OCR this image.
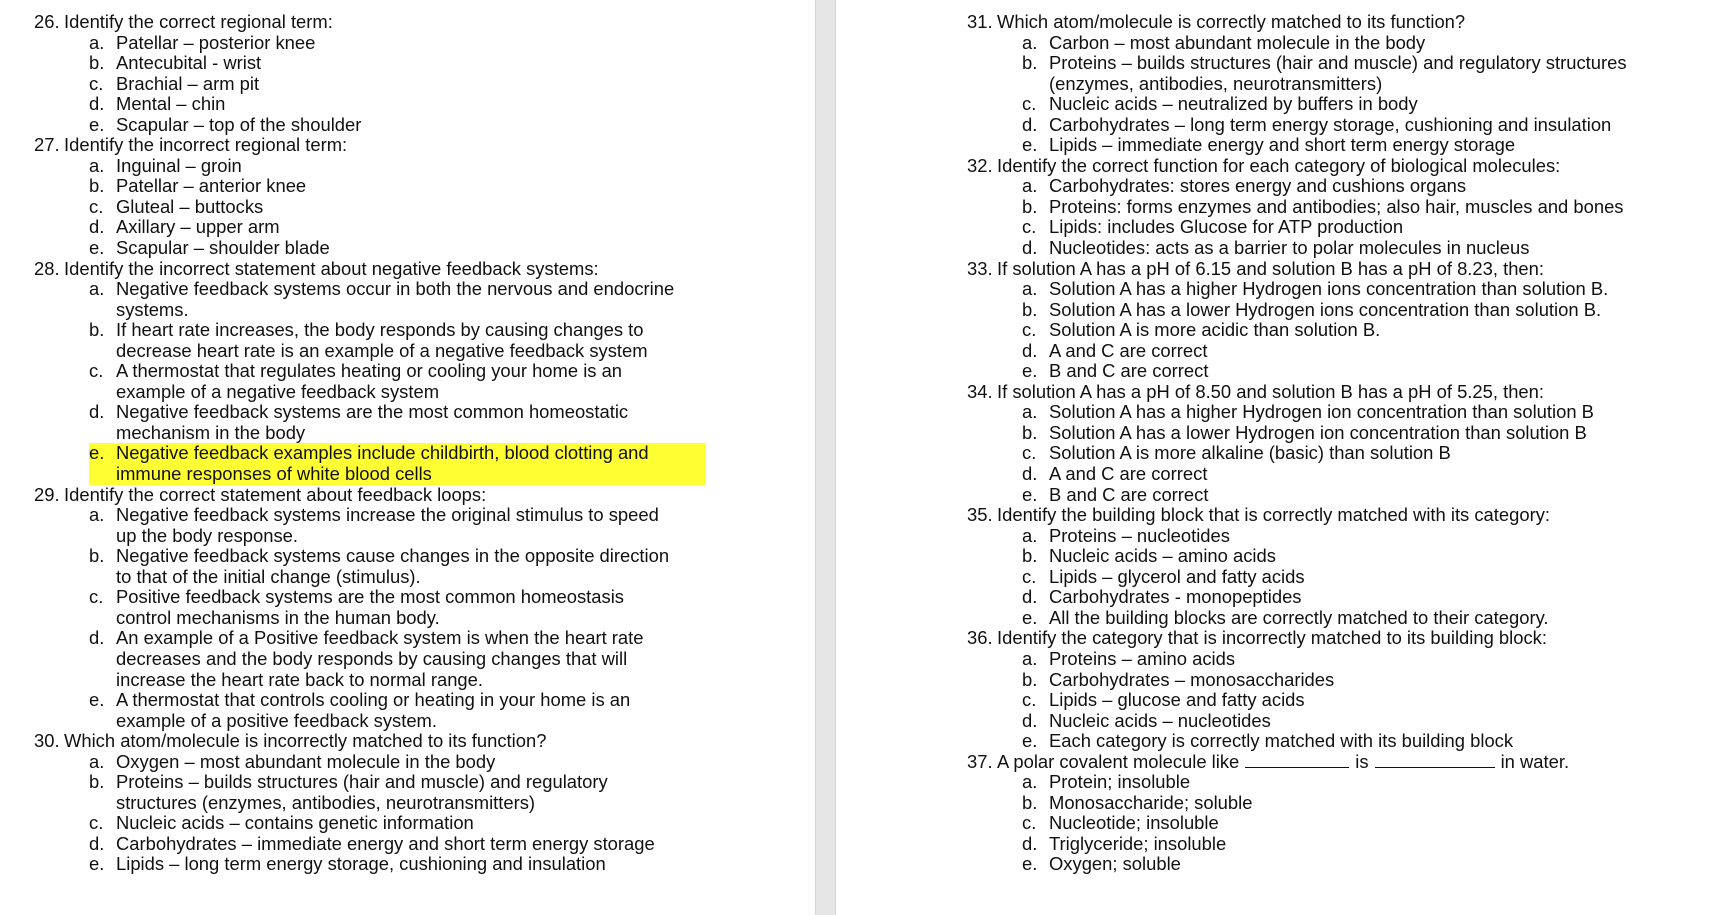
26. Identify the correct regional term:
a. Patellar – posterior knee
b. Antecubital - wrist
c. Brachial – arm pit
d. Mental – chin
e. Scapular – top of the shoulder
27. Identify the incorrect regional term:
a. Inguinal – groin
b. Patellar – anterior knee
c. Gluteal – buttocks
d. Axillary – upper arm
e. Scapular – shoulder blade
28. Identify the incorrect statement about negative feedback systems:
a. Negative feedback systems occur in both the nervous and endocrine systems.
b. If heart rate increases, the body responds by causing changes to decrease heart rate is an example of a negative feedback system
c. A thermostat that regulates heating or cooling your home is an example of a negative feedback system
d. Negative feedback systems are the most common homeostatic mechanism in the body
e. Negative feedback examples include childbirth, blood clotting and immune responses of white blood cells
29. Identify the correct statement about feedback loops:
a. Negative feedback systems increase the original stimulus to speed up the body response.
b. Negative feedback systems cause changes in the opposite direction to that of the initial change (stimulus).
c. Positive feedback systems are the most common homeostasis control mechanisms in the human body.
d. An example of a Positive feedback system is when the heart rate decreases and the body responds by causing changes that will increase the heart rate back to normal range.
e. A thermostat that controls cooling or heating in your home is an example of a positive feedback system.
30. Which atom/molecule is incorrectly matched to its function?
a. Oxygen – most abundant molecule in the body
b. Proteins – builds structures (hair and muscle) and regulatory structures (enzymes, antibodies, neurotransmitters)
c. Nucleic acids – contains genetic information
d. Carbohydrates – immediate energy and short term energy storage
e. Lipids – long term energy storage, cushioning and insulation
31. Which atom/molecule is correctly matched to its function?
a. Carbon – most abundant molecule in the body
b. Proteins – builds structures (hair and muscle) and regulatory structures (enzymes, antibodies, neurotransmitters)
c. Nucleic acids – neutralized by buffers in body
d. Carbohydrates – long term energy storage, cushioning and insulation
e. Lipids – immediate energy and short term energy storage
32. Identify the correct function for each category of biological molecules:
a. Carbohydrates: stores energy and cushions organs
b. Proteins: forms enzymes and antibodies; also hair, muscles and bones
c. Lipids: includes Glucose for ATP production
d. Nucleotides: acts as a barrier to polar molecules in nucleus
33. If solution A has a pH of 6.15 and solution B has a pH of 8.23, then:
a. Solution A has a higher Hydrogen ions concentration than solution B.
b. Solution A has a lower Hydrogen ions concentration than solution B.
c. Solution A is more acidic than solution B.
d. A and C are correct
e. B and C are correct
34. If solution A has a pH of 8.50 and solution B has a pH of 5.25, then:
a. Solution A has a higher Hydrogen ion concentration than solution B
b. Solution A has a lower Hydrogen ion concentration than solution B
c. Solution A is more alkaline (basic) than solution B
d. A and C are correct
e. B and C are correct
35. Identify the building block that is correctly matched with its category:
a. Proteins – nucleotides
b. Nucleic acids – amino acids
c. Lipids – glycerol and fatty acids
d. Carbohydrates - monopeptides
e. All the building blocks are correctly matched to their category.
36. Identify the category that is incorrectly matched to its building block:
a. Proteins – amino acids
b. Carbohydrates – monosaccharides
c. Lipids – glucose and fatty acids
d. Nucleic acids – nucleotides
e. Each category is correctly matched with its building block
37. A polar covalent molecule like	is	in water.
a. Protein; insoluble
b. Monosaccharide; soluble
c. Nucleotide; insoluble
d. Triglyceride; insoluble
e. Oxygen; soluble
